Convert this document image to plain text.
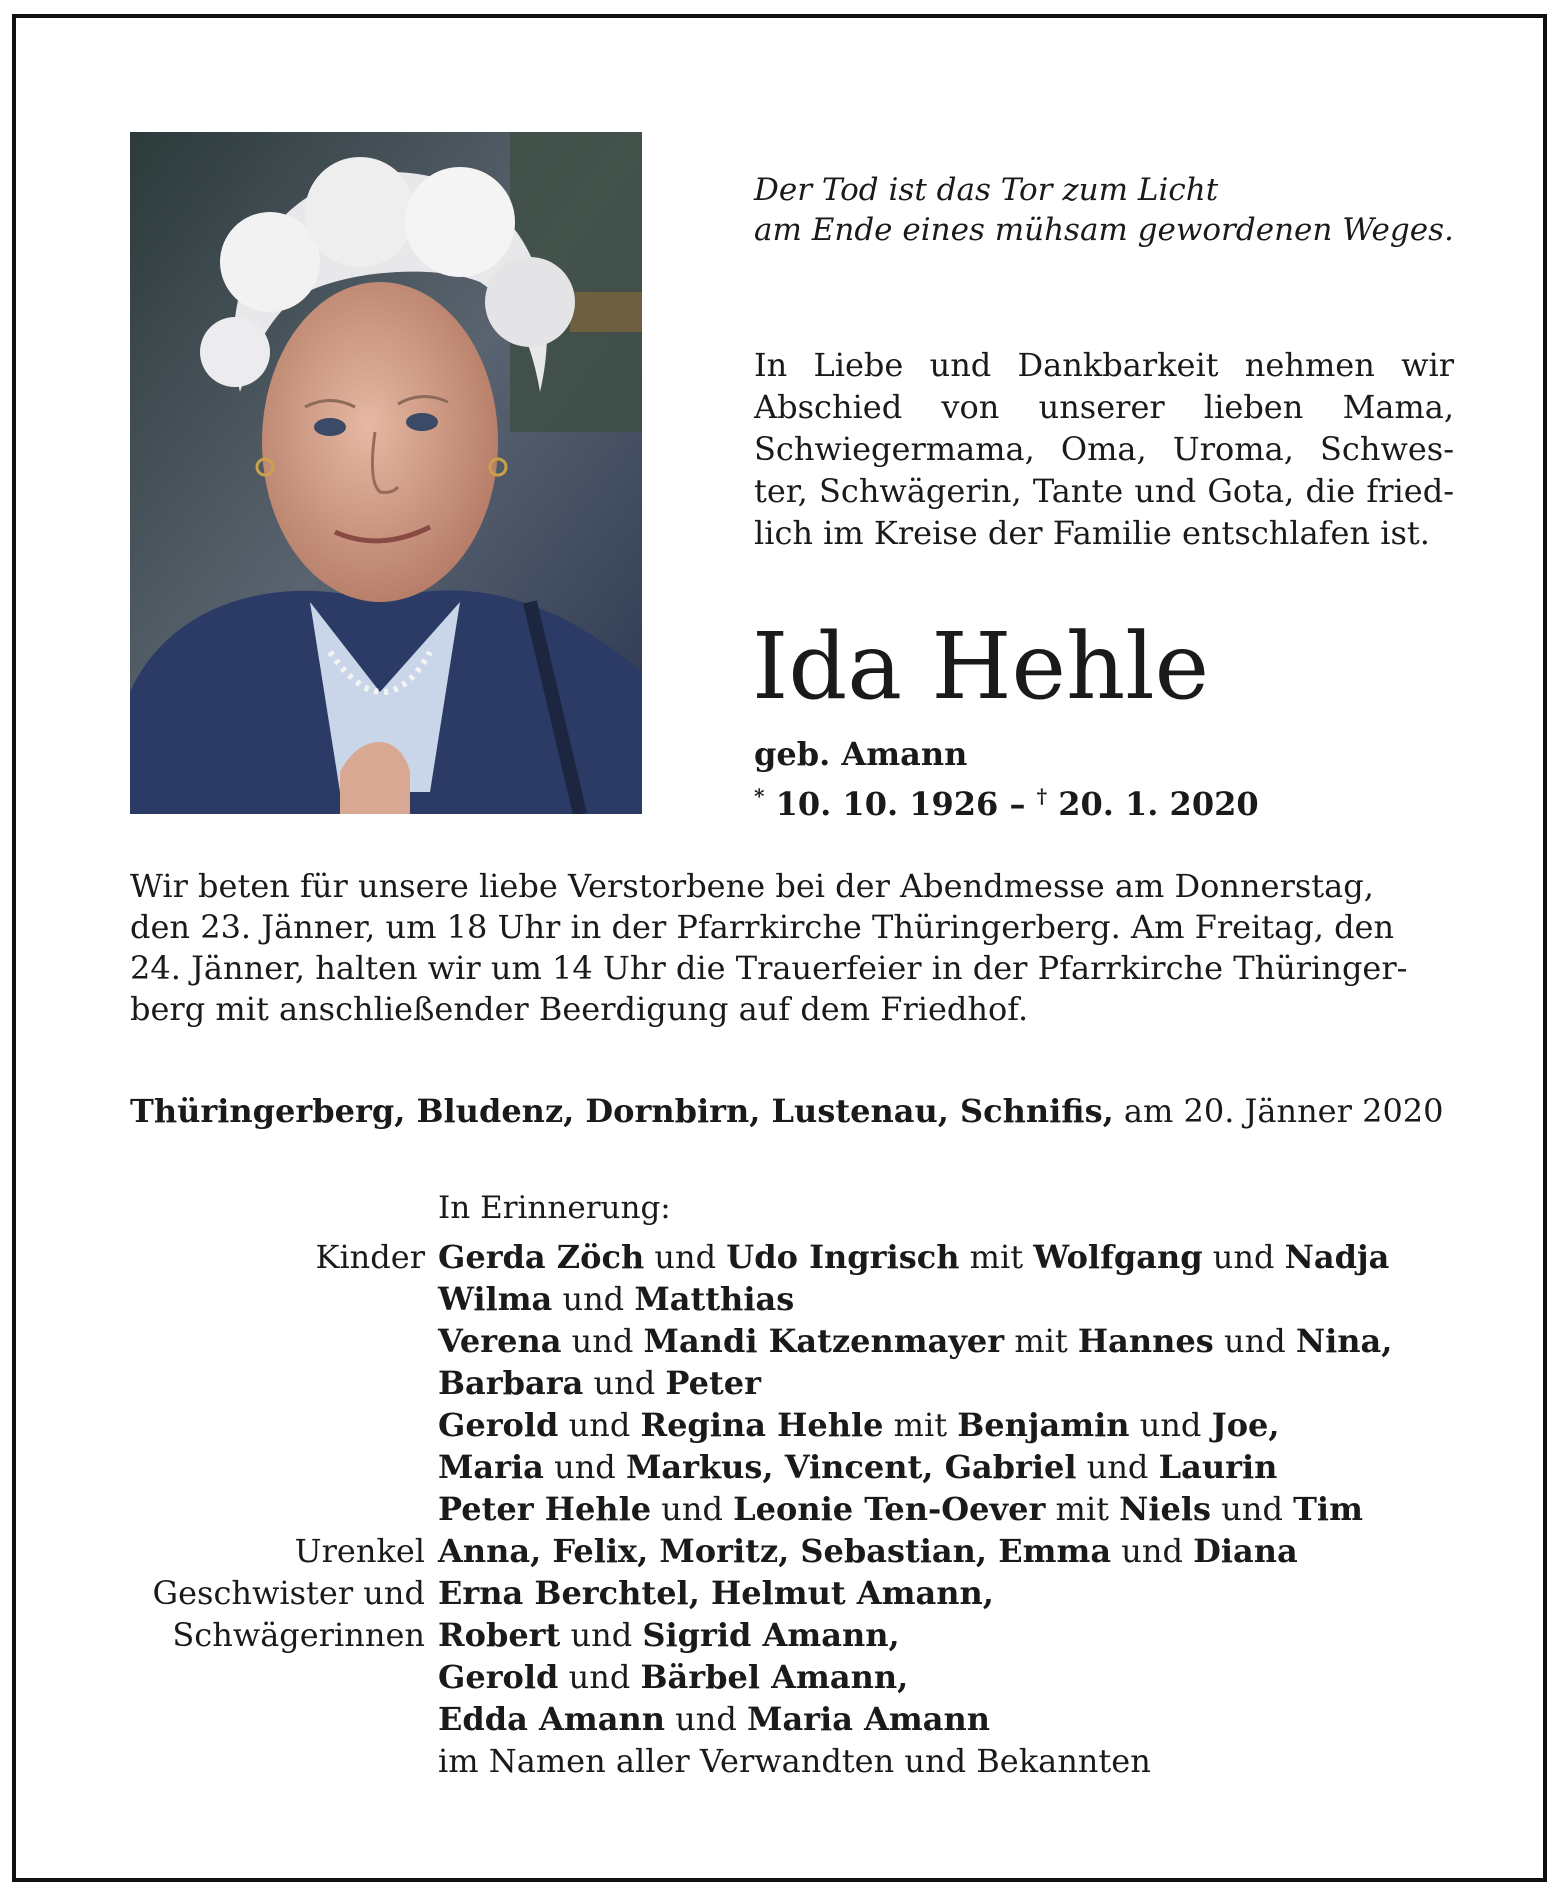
Der Tod ist das Tor zum Licht
am Ende eines mühsam gewordenen Weges.
In Liebe und Dankbarkeit nehmen wir
Abschied von unserer lieben Mama,
Schwiegermama, Oma, Uroma, Schwes-
ter, Schwägerin, Tante und Gota, die fried-
lich im Kreise der Familie entschlafen ist.
Ida Hehle
geb. Amann
* 10. 10. 1926 – † 20. 1. 2020
Wir beten für unsere liebe Verstorbene bei der Abendmesse am Donnerstag,
den 23. Jänner, um 18 Uhr in der Pfarrkirche Thüringerberg. Am Freitag, den
24. Jänner, halten wir um 14 Uhr die Trauerfeier in der Pfarrkirche Thüringer-
berg mit anschließender Beerdigung auf dem Friedhof.
Thüringerberg, Bludenz, Dornbirn, Lustenau, Schnifis, am 20. Jänner 2020
In Erinnerung:
Kinder Gerda Zöch und Udo Ingrisch mit Wolfgang und Nadja
Wilma und Matthias
Verena und Mandi Katzenmayer mit Hannes und Nina,
Barbara und Peter
Gerold und Regina Hehle mit Benjamin und Joe,
Maria und Markus, Vincent, Gabriel und Laurin
Peter Hehle und Leonie Ten-Oever mit Niels und Tim
Urenkel Anna, Felix, Moritz, Sebastian, Emma und Diana
Geschwister und Erna Berchtel, Helmut Amann,
Schwägerinnen Robert und Sigrid Amann,
Gerold und Bärbel Amann,
Edda Amann und Maria Amann
im Namen aller Verwandten und Bekannten
